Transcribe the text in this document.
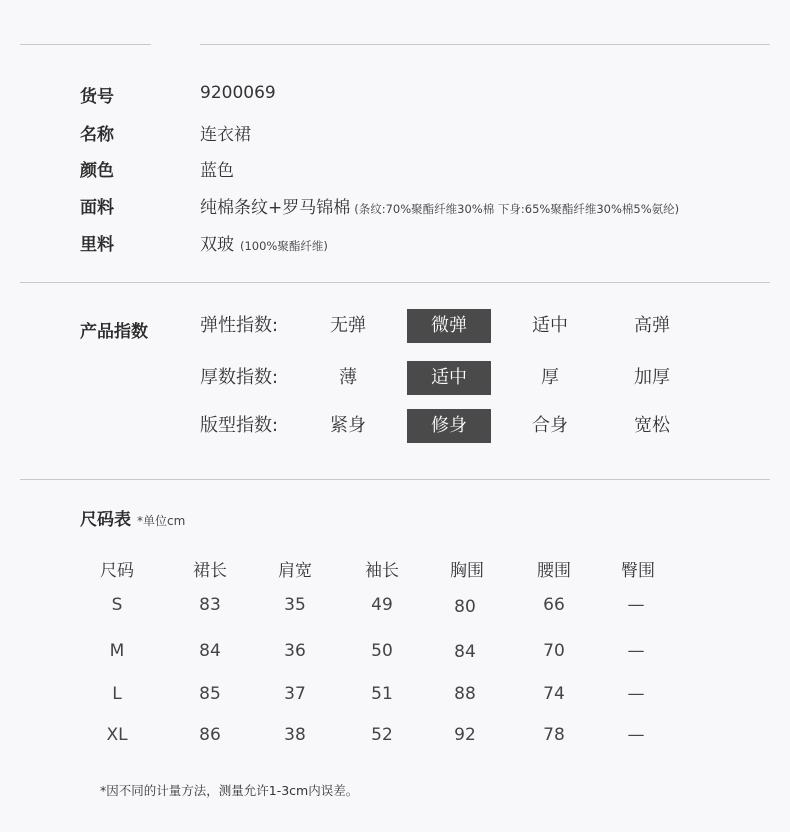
货号	9200069
名称	连衣裙
颜色	蓝色
面料	纯棉条纹+罗马锦棉 (条纹:70%聚酯纤维30%棉 下身:65%聚酯纤维30%棉5%氨纶)
里料	双玻 (100%聚酯纤维)
产品指数	弹性指数:	无弹	微弹	适中	高弹
厚数指数:	薄	适中	厚	加厚
版型指数:	紧身	修身	合身	宽松
尺码表 *单位cm
尺码	裙长	肩宽	袖长	胸围	腰围	臀围
S	83	35	49	80	66	—
M	84	36	50	84	70	—
L	85	37	51	88	74	—
XL	86	38	52	92	78	—
*因不同的计量方法，测量允许1-3cm内误差。
